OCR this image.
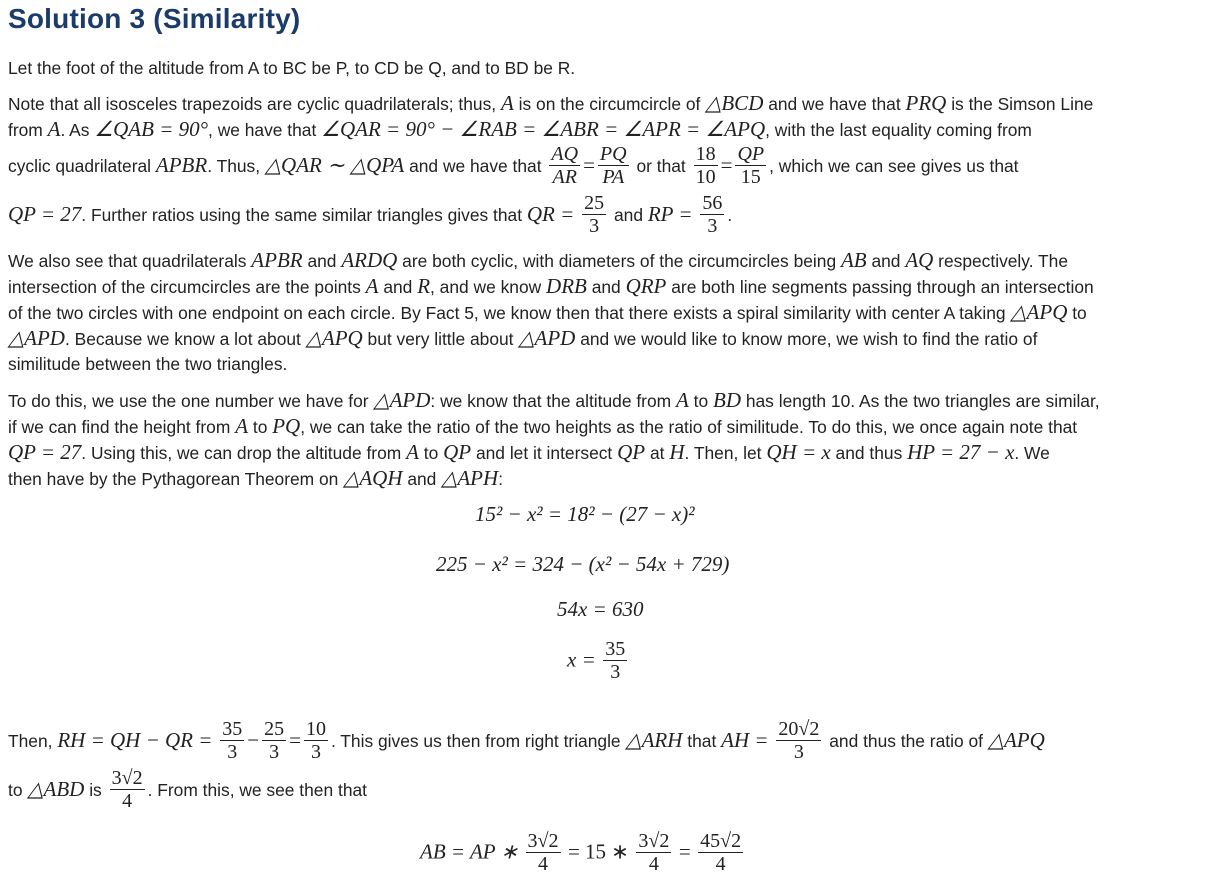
Solution 3 (Similarity)
Let the foot of the altitude from A to BC be P, to CD be Q, and to BD be R.
Note that all isosceles trapezoids are cyclic quadrilaterals; thus, A is on the circumcircle of △BCD and we have that PRQ is the Simson Line
from A. As ∠QAB = 90°, we have that ∠QAR = 90° − ∠RAB = ∠ABR = ∠APR = ∠APQ, with the last equality coming from
cyclic quadrilateral APBR. Thus, △QAR ∼ △QPA and we have that $\frac{AQ}{AR} = \frac{PQ}{PA}$ or that $\frac{18}{10} = \frac{QP}{15}$ , which we can see gives us that
QP = 27. Further ratios using the same similar triangles gives that QR = $\frac{25}{3}$ and RP = $\frac{56}{3}$ .
We also see that quadrilaterals APBR and ARDQ are both cyclic, with diameters of the circumcircles being AB and AQ respectively. The
intersection of the circumcircles are the points A and R, and we know DRB and QRP are both line segments passing through an intersection
of the two circles with one endpoint on each circle. By Fact 5, we know then that there exists a spiral similarity with center A taking △APQ to
△APD. Because we know a lot about △APQ but very little about △APD and we would like to know more, we wish to find the ratio of
similitude between the two triangles.
To do this, we use the one number we have for △APD: we know that the altitude from A to BD has length 10. As the two triangles are similar,
if we can find the height from A to PQ, we can take the ratio of the two heights as the ratio of similitude. To do this, we once again note that
QP = 27. Using this, we can drop the altitude from A to QP and let it intersect QP at H. Then, let QH = x and thus HP = 27 − x. We
then have by the Pythagorean Theorem on △AQH and △APH:
15² − x² = 18² − (27 − x)²
225 − x² = 324 − (x² − 54x + 729)
54x = 630
$x = \frac{35}{3}$
Then, RH = QH − QR = $\frac{35}{3} - \frac{25}{3} = \frac{10}{3}$ . This gives us then from right triangle △ARH that AH = $\frac{20√2}{3}$ and thus the ratio of △APQ
to △ABD is $\frac{3√2}{4}$ . From this, we see then that
AB = AP ∗ $\frac{3√2}{4} = 15$ ∗ $\frac{3√2}{4} = \frac{45√2}{4}$
